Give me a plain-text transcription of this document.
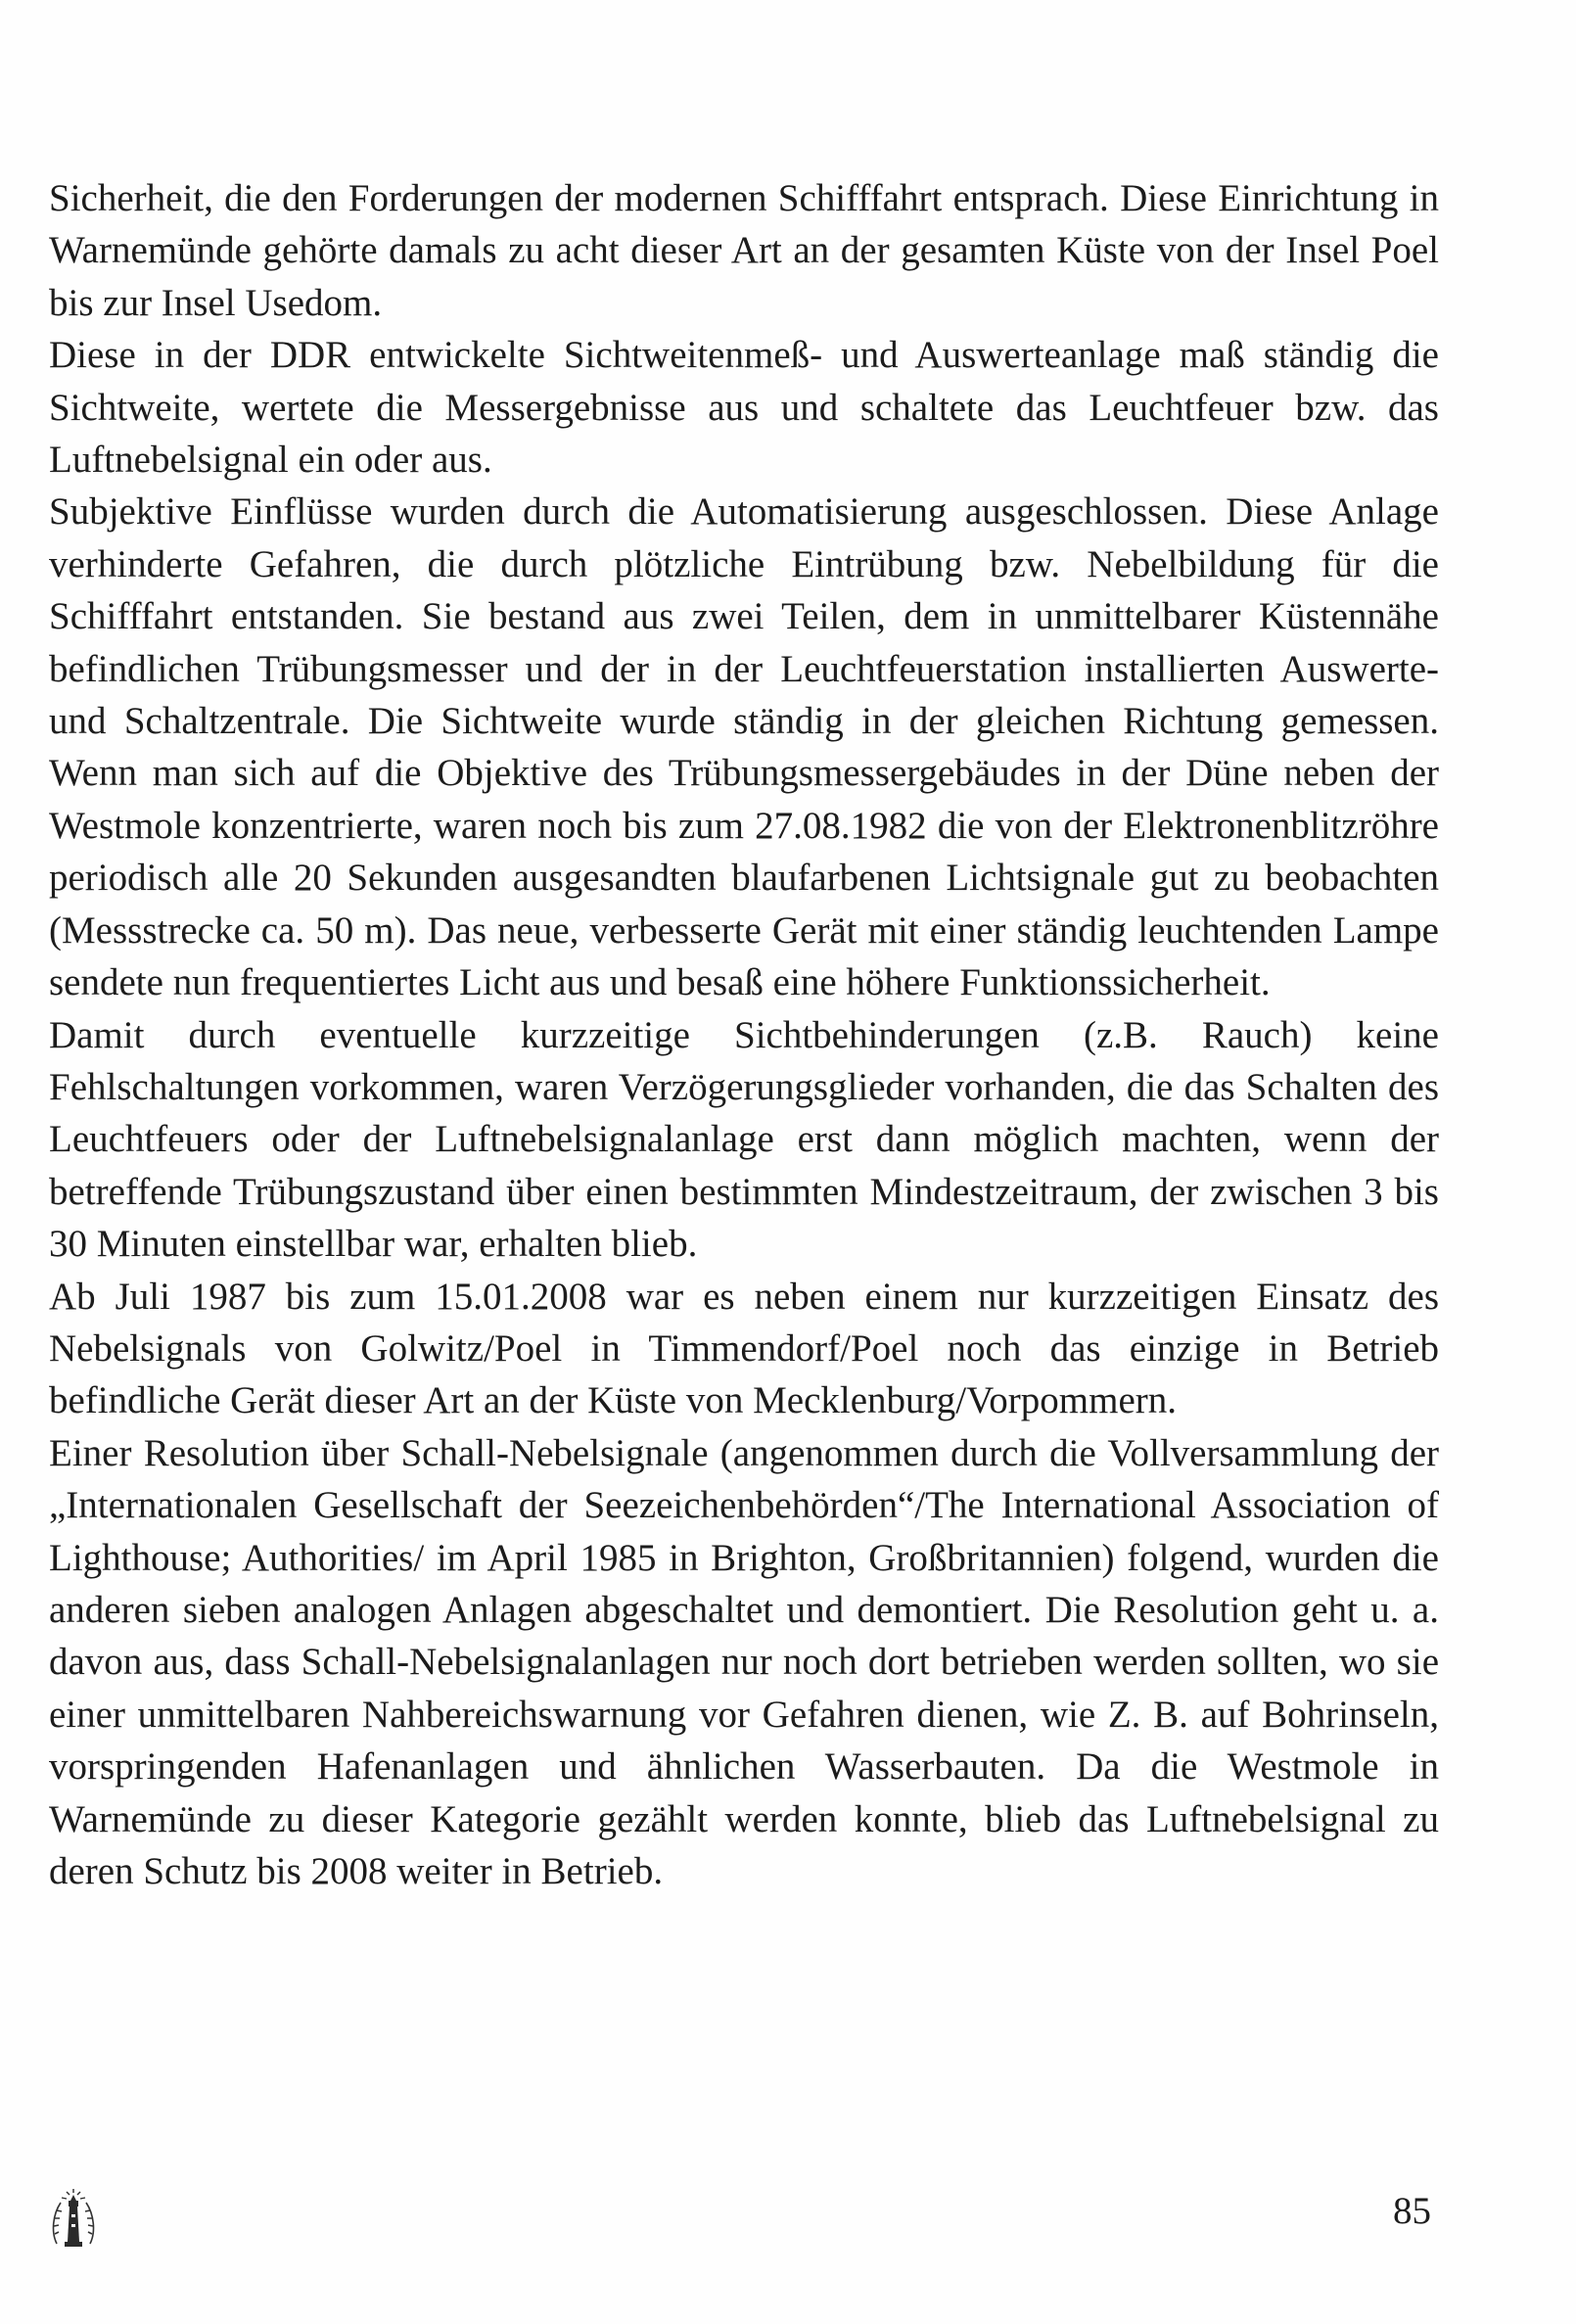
Sicherheit, die den Forderungen der modernen Schifffahrt entsprach. Diese Einrichtung in Warnemünde gehörte damals zu acht dieser Art an der gesamten Küste von der Insel Poel bis zur Insel Usedom.

Diese in der DDR entwickelte Sichtweitenmeß- und Auswerteanlage maß ständig die Sichtweite, wertete die Messergebnisse aus und schaltete das Leuchtfeuer bzw. das Luftnebelsignal ein oder aus.

Subjektive Einflüsse wurden durch die Automatisierung ausgeschlossen. Diese Anlage verhinderte Gefahren, die durch plötzliche Eintrübung bzw. Nebelbildung für die Schifffahrt entstanden. Sie bestand aus zwei Teilen, dem in unmittelbarer Küstennähe befindlichen Trübungsmesser und der in der Leuchtfeuerstation installierten Auswerte- und Schaltzentrale. Die Sichtweite wurde ständig in der gleichen Richtung gemessen. Wenn man sich auf die Objektive des Trübungsmessergebäudes in der Düne neben der Westmole konzentrierte, waren noch bis zum 27.08.1982 die von der Elektronenblitzröhre periodisch alle 20 Sekunden ausgesandten blaufarbenen Lichtsignale gut zu beobachten (Messstrecke ca. 50 m). Das neue, verbesserte Gerät mit einer ständig leuchtenden Lampe sendete nun frequentiertes Licht aus und besaß eine höhere Funktionssicherheit.

Damit durch eventuelle kurzzeitige Sichtbehinderungen (z.B. Rauch) keine Fehlschaltungen vorkommen, waren Verzögerungsglieder vorhanden, die das Schalten des Leuchtfeuers oder der Luftnebelsignalanlage erst dann möglich machten, wenn der betreffende Trübungszustand über einen bestimmten Mindestzeitraum, der zwischen 3 bis 30 Minuten einstellbar war, erhalten blieb.

Ab Juli 1987 bis zum 15.01.2008 war es neben einem nur kurzzeitigen Einsatz des Nebelsignals von Golwitz/Poel in Timmendorf/Poel noch das einzige in Betrieb befindliche Gerät dieser Art an der Küste von Mecklenburg/Vorpommern.

Einer Resolution über Schall-Nebelsignale (angenommen durch die Vollversammlung der „Internationalen Gesellschaft der Seezeichenbehörden“/The International Association of Lighthouse; Authorities/ im April 1985 in Brighton, Großbritannien) folgend, wurden die anderen sieben analogen Anlagen abgeschaltet und demontiert. Die Resolution geht u. a. davon aus, dass Schall-Nebelsignalanlagen nur noch dort betrieben werden sollten, wo sie einer unmittelbaren Nahbereichswarnung vor Gefahren dienen, wie Z. B. auf Bohrinseln, vorspringenden Hafenanlagen und ähnlichen Wasserbauten. Da die Westmole in Warnemünde zu dieser Kategorie gezählt werden konnte, blieb das Luftnebelsignal zu deren Schutz bis 2008 weiter in Betrieb.

85
